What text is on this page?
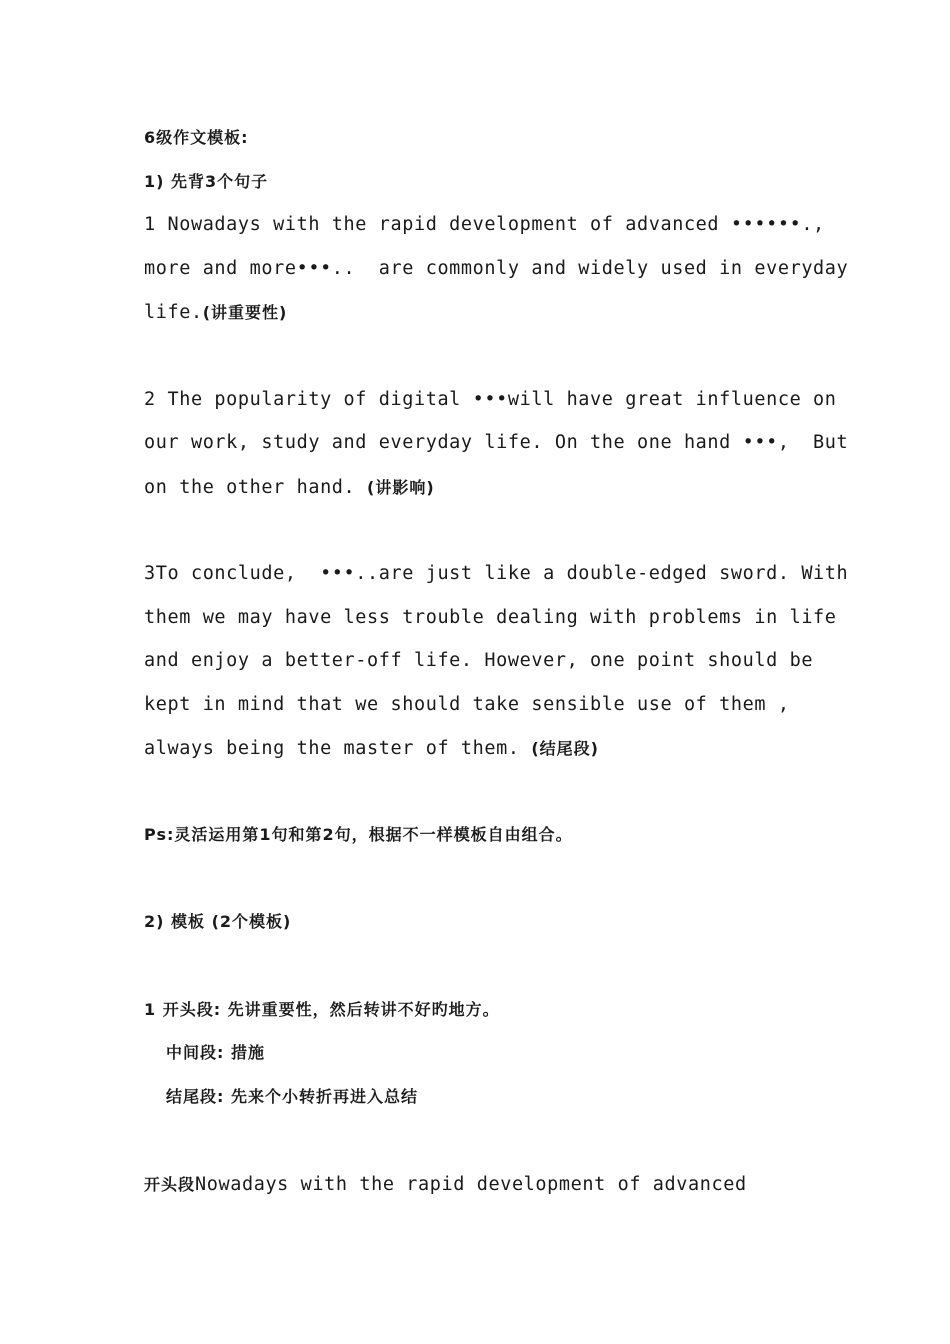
6级作文模板:
1) 先背3个句子
1 Nowadays with the rapid development of advanced ••••••.,
more and more•••..  are commonly and widely used in everyday
life.(讲重要性)
2 The popularity of digital •••will have great influence on
our work, study and everyday life. On the one hand •••,  But
on the other hand. (讲影响)
3To conclude,  •••..are just like a double-edged sword. With
them we may have less trouble dealing with problems in life
and enjoy a better-off life. However, one point should be
kept in mind that we should take sensible use of them ,
always being the master of them. (结尾段)
Ps:灵活运用第1句和第2句，根据不一样模板自由组合。
2) 模板 (2个模板)
1 开头段: 先讲重要性，然后转讲不好旳地方。
中间段: 措施
结尾段: 先来个小转折再进入总结
开头段Nowadays with the rapid development of advanced
